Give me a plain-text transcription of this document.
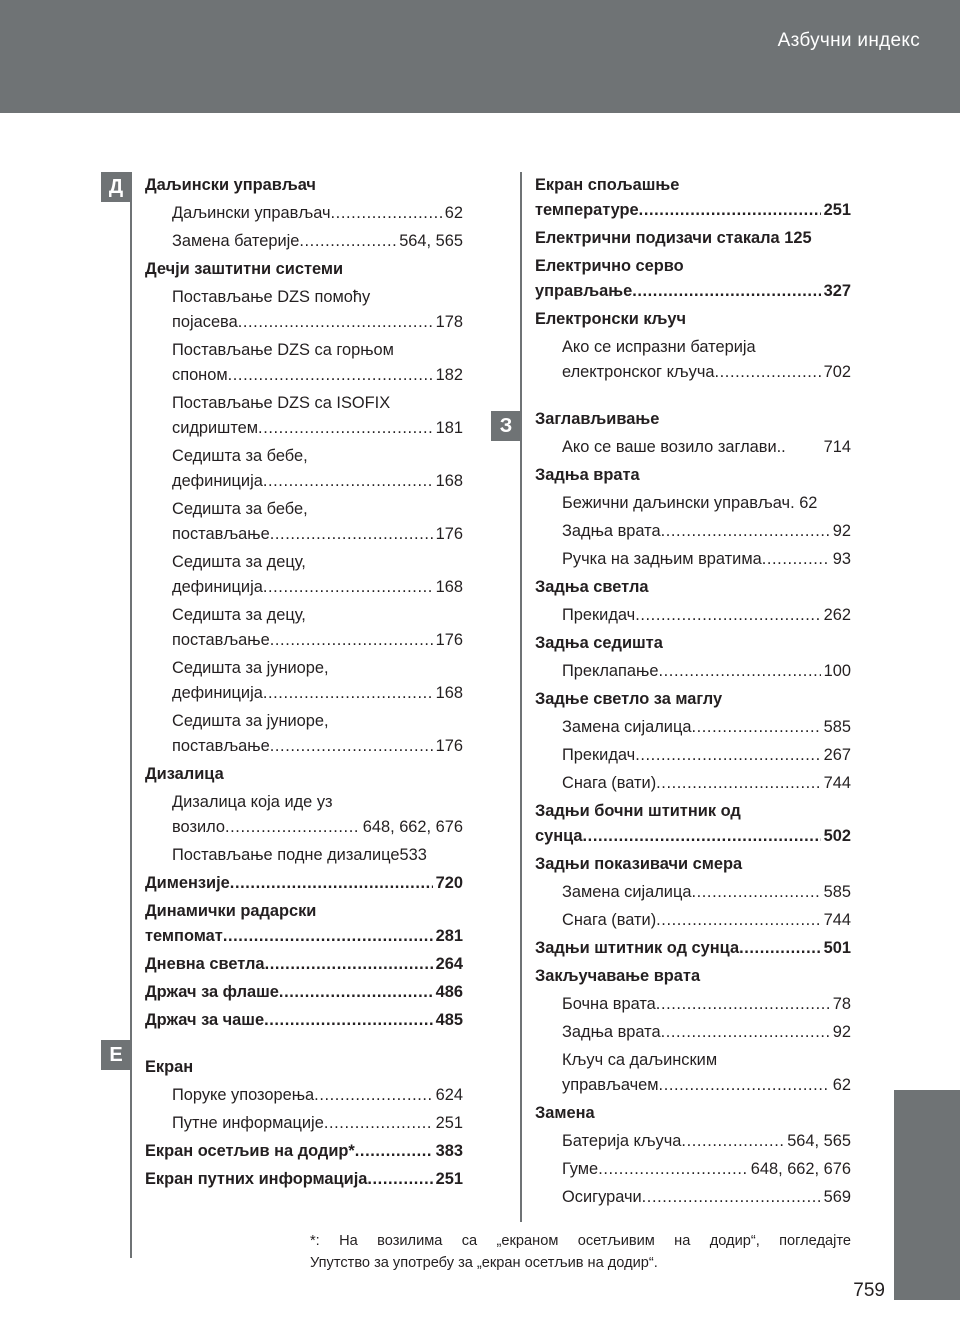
Азбучни индекс
Д
З
Е
Даљински управљач
Даљински управљач .....	62
Замена батерије .....	564, 565
Дечји заштитни системи
Постављање DZS помоћу
појасева .....	178
Постављање DZS са горњом
споном .....	182
Постављање DZS са ISOFIX
сидриштем .....	181
Седишта за бебе,
дефиниција .....	168
Седишта за бебе,
постављање .....	176
Седишта за децу,
дефиниција .....	168
Седишта за децу,
постављање .....	176
Седишта за јуниоре,
дефиниција .....	168
Седишта за јуниоре,
постављање .....	176
Дизалица
Дизалица која иде уз
возило .....	648, 662, 676
Постављање подне дизалице533
Димензије .....	720
Динамички радарски
темпомат .....	281
Дневна светла .....	264
Држач за флаше .....	486
Држач за чаше .....	485
Екран
Поруке упозорења .....	624
Путне информације .....	251
Екран осетљив на додир* .....	383
Екран путних информација .....	251
Екран спољашње
температуре .....	251
Електрични подизачи стакала 125
Електрично серво
управљање .....	327
Електронски кључ
Ако се испразни батерија
електронског кључа .....	702
Заглављивање
Ако се ваше возило заглави.. 714
Задња врата
Бежични даљински управљач. 62
Задња врата .....	92
Ручка на задњим вратима .....	93
Задња светла
Прекидач .....	262
Задња седишта
Преклапање .....	100
Задње светло за маглу
Замена сијалица .....	585
Прекидач .....	267
Снага (вати) .....	744
Задњи бочни штитник од
сунца .....	502
Задњи показивачи смера
Замена сијалица .....	585
Снага (вати) .....	744
Задњи штитник од сунца .....	501
Закључавање врата
Бочна врата .....	78
Задња врата .....	92
Кључ са даљинским
управљачем .....	62
Замена
Батерија кључа .....	564, 565
Гуме .....	648, 662, 676
Осигурачи .....	569
*: На возилима са „екраном осетљивим на додир“, погледајте
Упутство за употребу за „екран осетљив на додир“.
759
